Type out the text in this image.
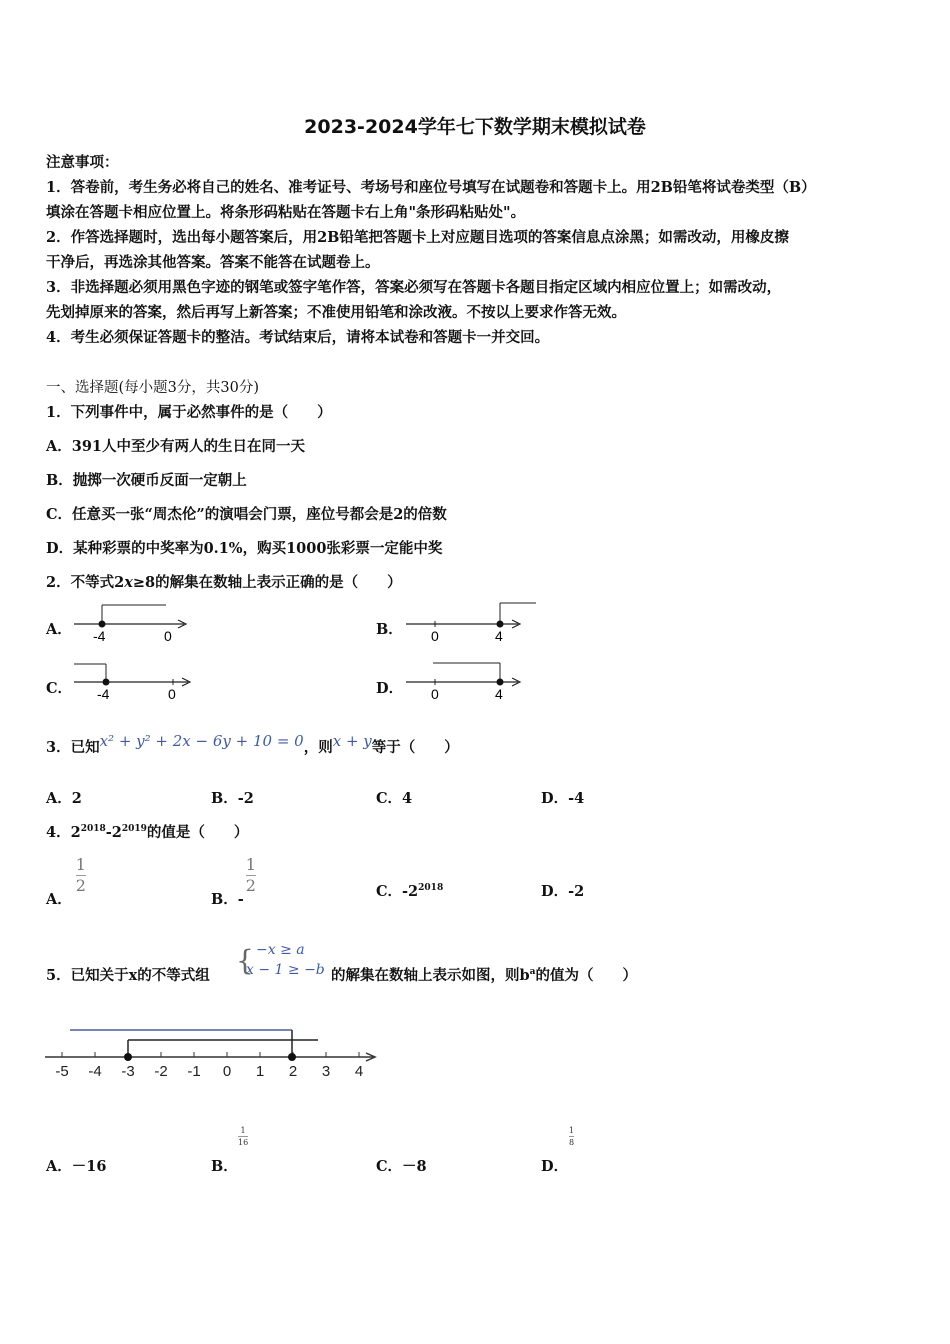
2023-2024学年七下数学期末模拟试卷
注意事项：
1．答卷前，考生务必将自己的姓名、准考证号、考场号和座位号填写在试题卷和答题卡上。用2B铅笔将试卷类型（B）
填涂在答题卡相应位置上。将条形码粘贴在答题卡右上角"条形码粘贴处"。
2．作答选择题时，选出每小题答案后，用2B铅笔把答题卡上对应题目选项的答案信息点涂黑；如需改动，用橡皮擦
干净后，再选涂其他答案。答案不能答在试题卷上。
3．非选择题必须用黑色字迹的钢笔或签字笔作答，答案必须写在答题卡各题目指定区域内相应位置上；如需改动，
先划掉原来的答案，然后再写上新答案；不准使用铅笔和涂改液。不按以上要求作答无效。
4．考生必须保证答题卡的整洁。考试结束后，请将本试卷和答题卡一并交回。
一、选择题(每小题3分，共30分)
1．下列事件中，属于必然事件的是（　　）
A．391人中至少有两人的生日在同一天
B．抛掷一次硬币反面一定朝上
C．任意买一张“周杰伦”的演唱会门票，座位号都会是2的倍数
D．某种彩票的中奖率为0.1%，购买1000张彩票一定能中奖
2．不等式2x≥8的解集在数轴上表示正确的是（　　）
A． -4	0	B． 0	4
C． -4	0	D． 0	4
3．已知x² + y² + 2x − 6y + 10 = 0，则x + y等于（　　）
A．2	B．-2	C．4	D．-4
4．$2^{2018}-2^{2019}$的值是（　　）
A．$\frac{1}{2}$
B．$-\frac{1}{2}$	C．$-2^{2018}$	D．-2
5．已知关于x的不等式组 { −x ≥ a
x − 1 ≥ −b 的解集在数轴上表示如图，则$b^a$的值为（　　）
-5 -4 -3 -2 -1 0 1 2 3 4
A．－16	B．
1
16
C．－8	D．
1
8
